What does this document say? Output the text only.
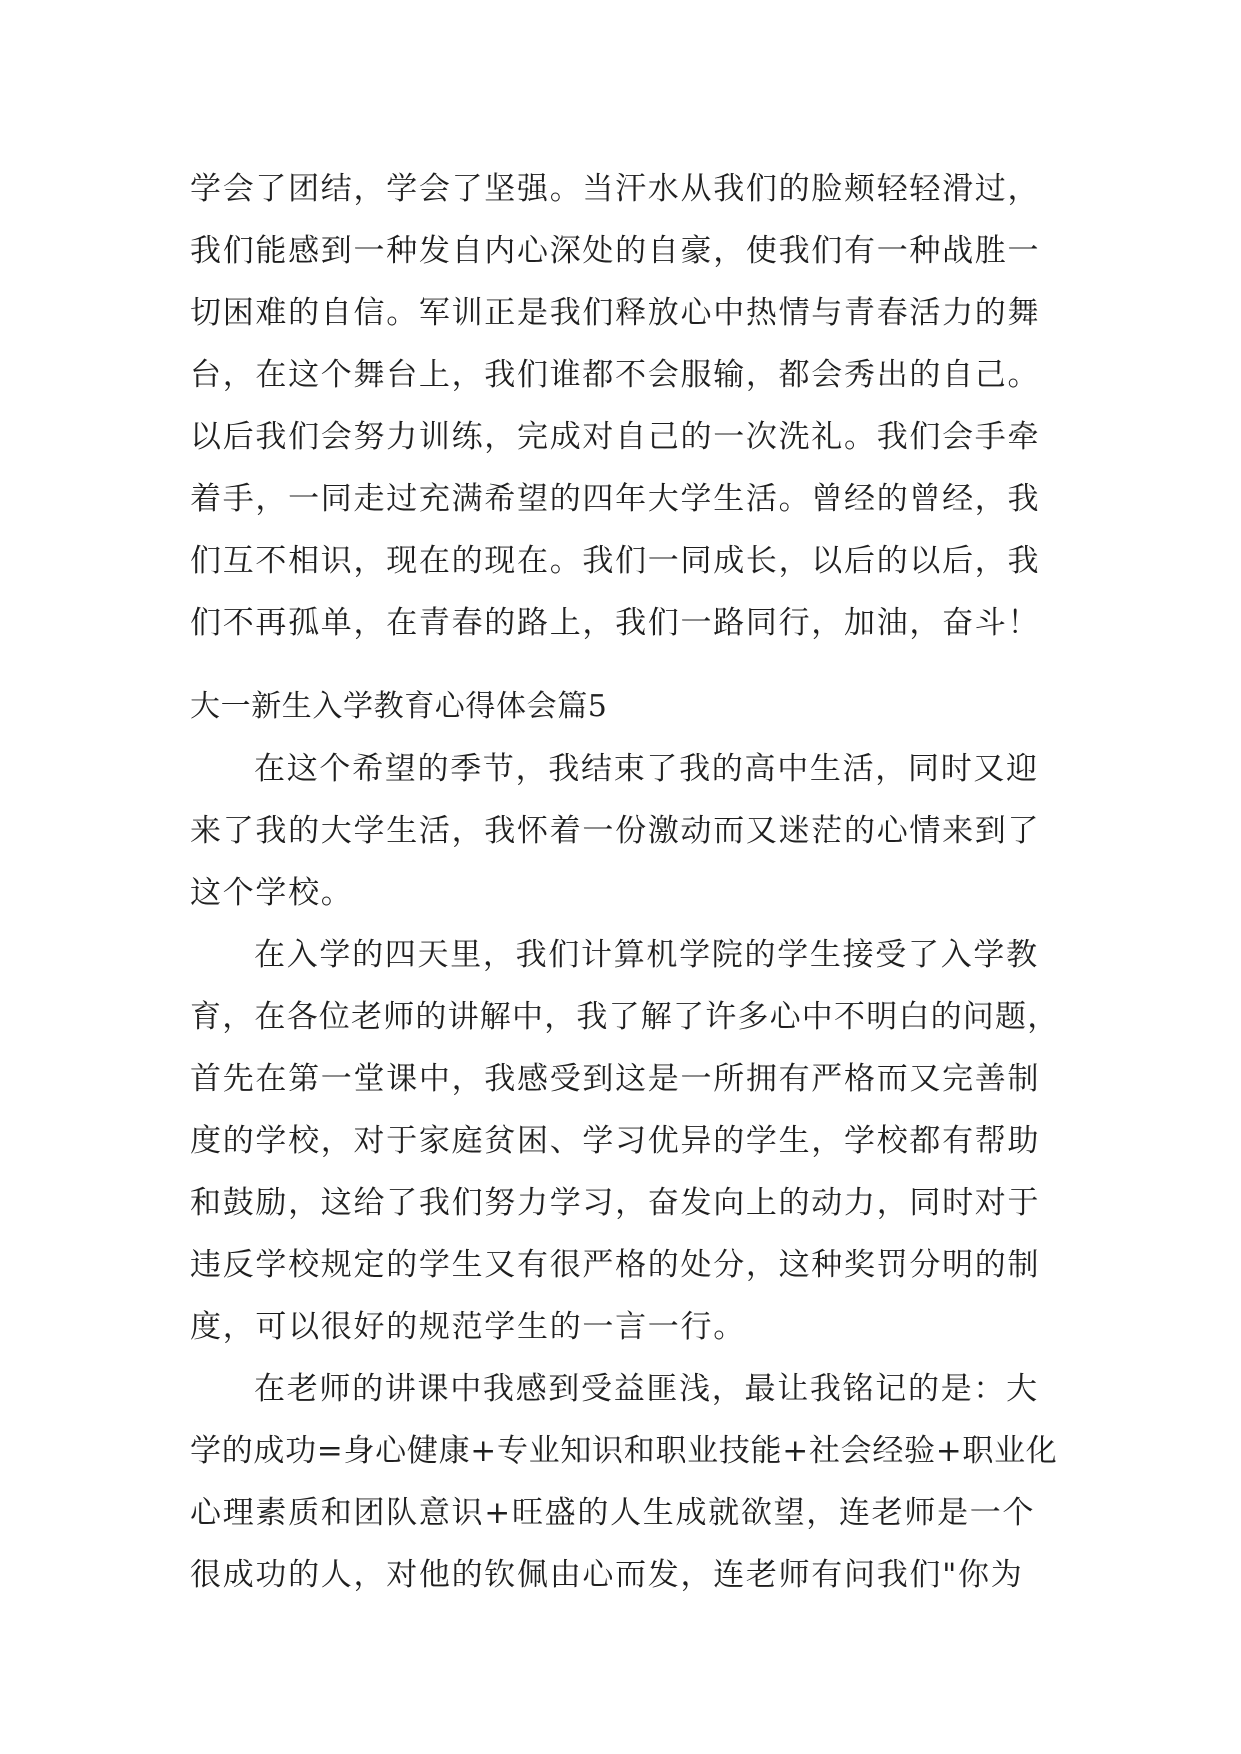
学会了团结，学会了坚强。当汗水从我们的脸颊轻轻滑过，
我们能感到一种发自内心深处的自豪，使我们有一种战胜一
切困难的自信。军训正是我们释放心中热情与青春活力的舞
台，在这个舞台上，我们谁都不会服输，都会秀出的自己。
以后我们会努力训练，完成对自己的一次洗礼。我们会手牵
着手，一同走过充满希望的四年大学生活。曾经的曾经，我
们互不相识，现在的现在。我们一同成长，以后的以后，我
们不再孤单，在青春的路上，我们一路同行，加油，奋斗！
大一新生入学教育心得体会篇5
在这个希望的季节，我结束了我的高中生活，同时又迎
来了我的大学生活，我怀着一份激动而又迷茫的心情来到了
这个学校。
在入学的四天里，我们计算机学院的学生接受了入学教
育，在各位老师的讲解中，我了解了许多心中不明白的问题，
首先在第一堂课中，我感受到这是一所拥有严格而又完善制
度的学校，对于家庭贫困、学习优异的学生，学校都有帮助
和鼓励，这给了我们努力学习，奋发向上的动力，同时对于
违反学校规定的学生又有很严格的处分，这种奖罚分明的制
度，可以很好的规范学生的一言一行。
在老师的讲课中我感到受益匪浅，最让我铭记的是：大
学的成功=身心健康+专业知识和职业技能+社会经验+职业化
心理素质和团队意识+旺盛的人生成就欲望，连老师是一个
很成功的人，对他的钦佩由心而发，连老师有问我们"你为
